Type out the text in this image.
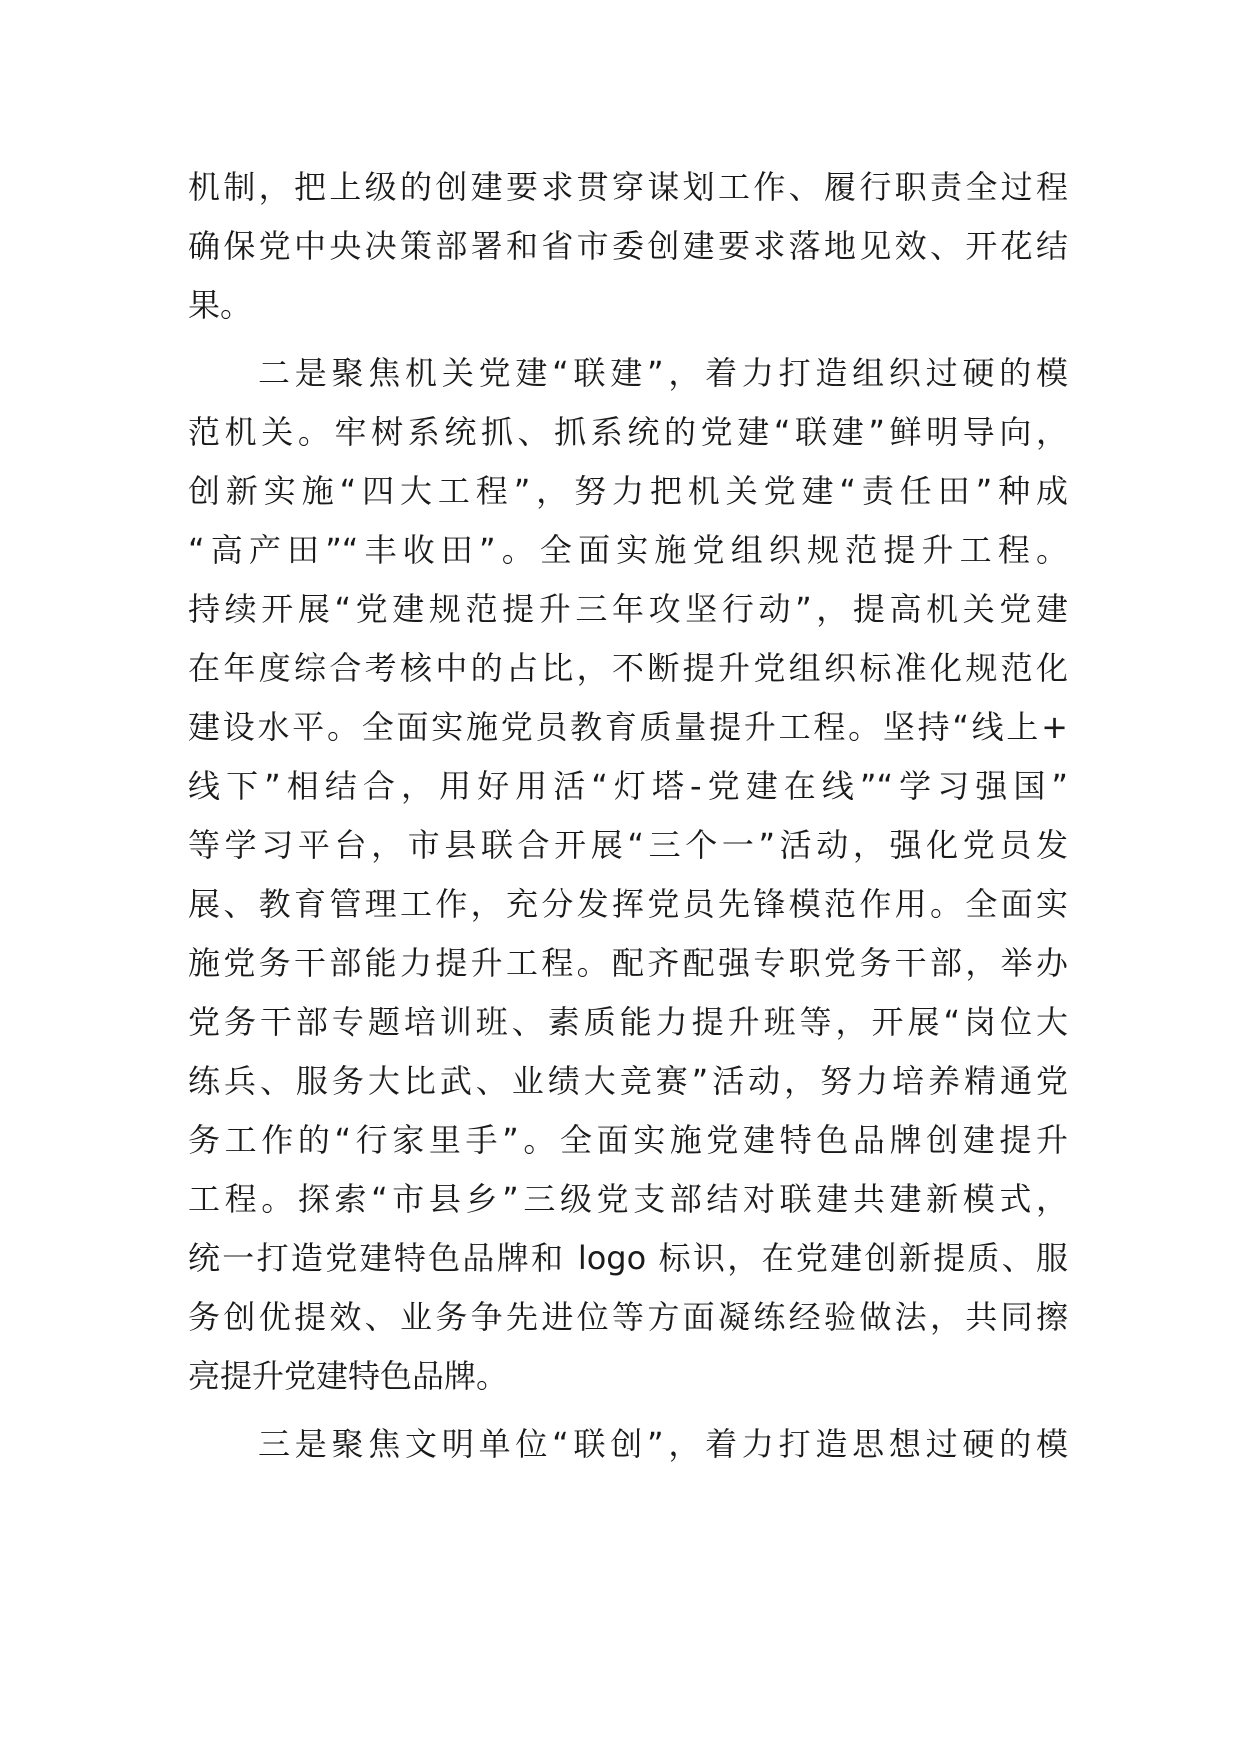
机制，把上级的创建要求贯穿谋划工作、履行职责全过程
确保党中央决策部署和省市委创建要求落地见效、开花结
果。
二是聚焦机关党建“联建”，着力打造组织过硬的模
范机关。牢树系统抓、抓系统的党建“联建”鲜明导向，
创新实施“四大工程”，努力把机关党建“责任田”种成
“高产田”“丰收田”。全面实施党组织规范提升工程。
持续开展“党建规范提升三年攻坚行动”，提高机关党建
在年度综合考核中的占比，不断提升党组织标准化规范化
建设水平。全面实施党员教育质量提升工程。坚持“线上+
线下”相结合，用好用活“灯塔-党建在线”“学习强国”
等学习平台，市县联合开展“三个一”活动，强化党员发
展、教育管理工作，充分发挥党员先锋模范作用。全面实
施党务干部能力提升工程。配齐配强专职党务干部，举办
党务干部专题培训班、素质能力提升班等，开展“岗位大
练兵、服务大比武、业绩大竞赛”活动，努力培养精通党
务工作的“行家里手”。全面实施党建特色品牌创建提升
工程。探索“市县乡”三级党支部结对联建共建新模式，
统一打造党建特色品牌和 logo 标识，在党建创新提质、服
务创优提效、业务争先进位等方面凝练经验做法，共同擦
亮提升党建特色品牌。
三是聚焦文明单位“联创”，着力打造思想过硬的模
